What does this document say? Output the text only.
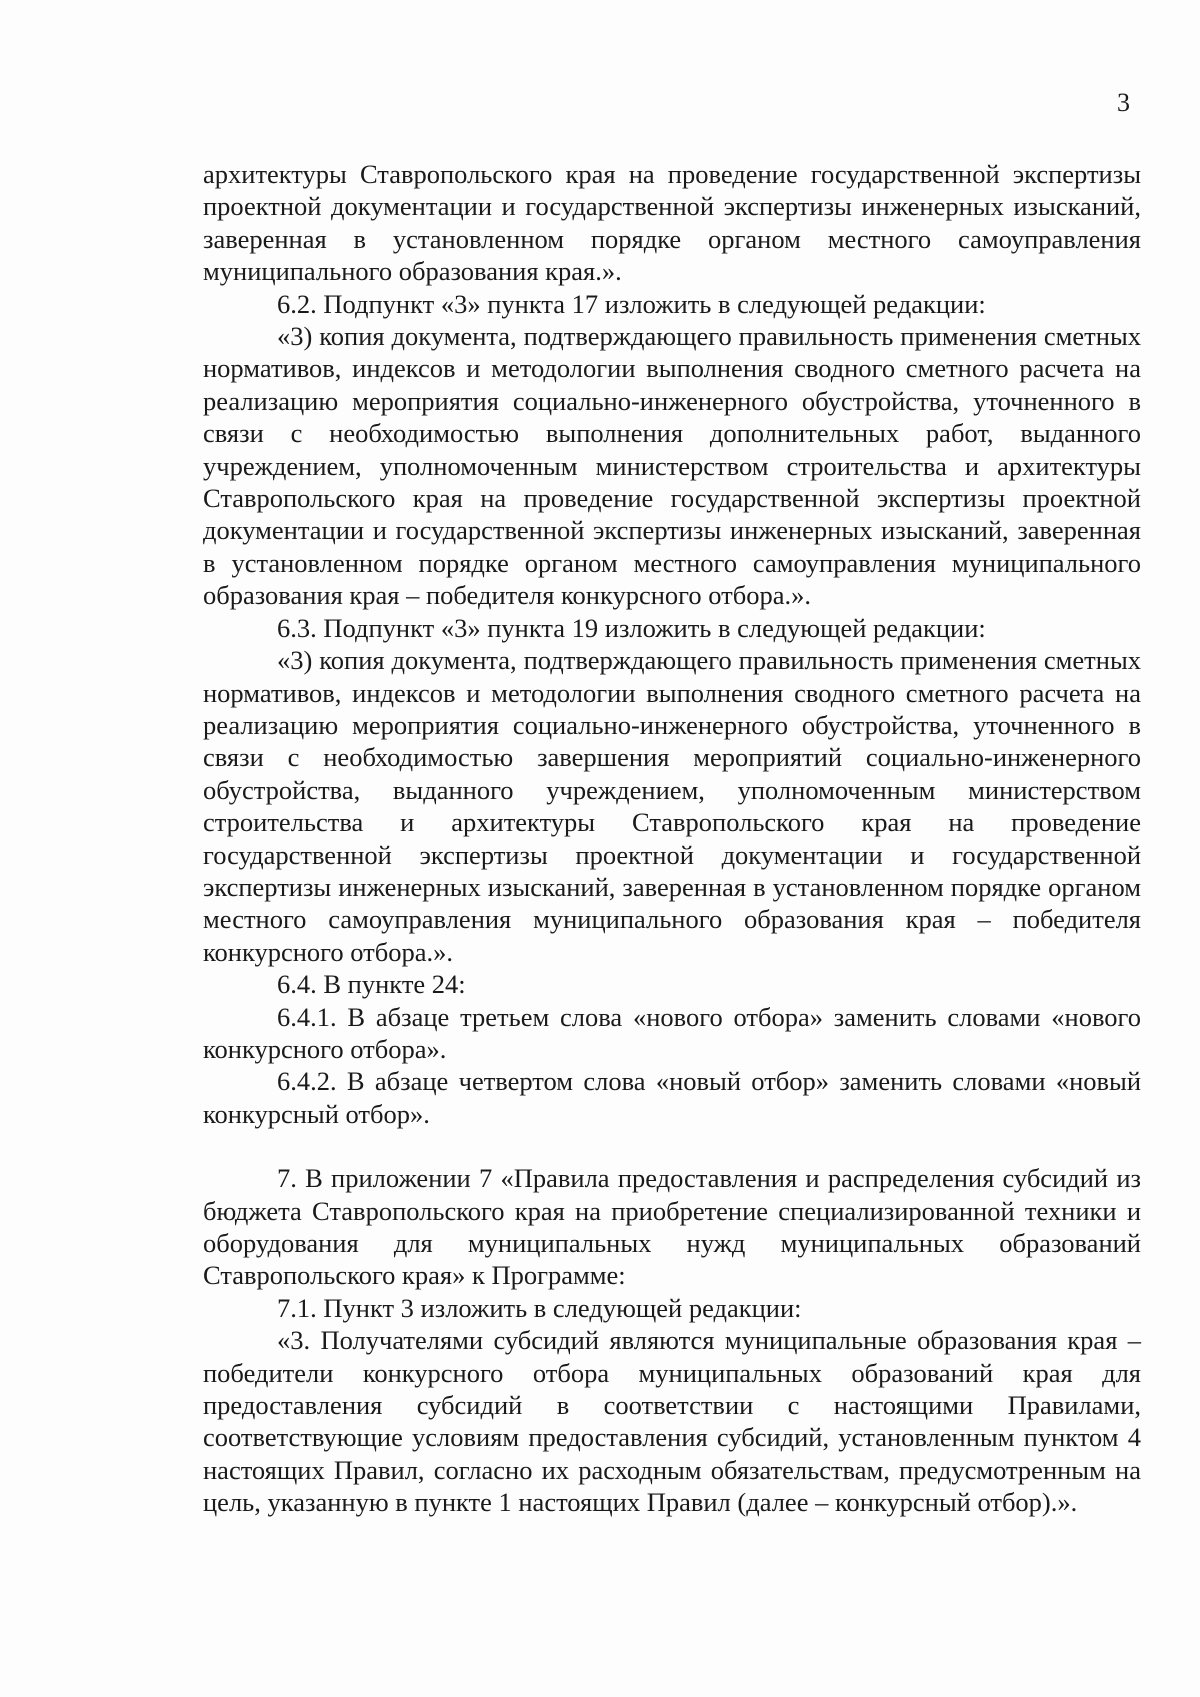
3

архитектуры Ставропольского края на проведение государственной экспертизы проектной документации и государственной экспертизы инженерных изысканий, заверенная в установленном порядке органом местного самоуправления муниципального образования края.».

6.2. Подпункт «3» пункта 17 изложить в следующей редакции:

«3) копия документа, подтверждающего правильность применения сметных нормативов, индексов и методологии выполнения сводного сметного расчета на реализацию мероприятия социально-инженерного обустройства, уточненного в связи с необходимостью выполнения дополнительных работ, выданного учреждением, уполномоченным министерством строительства и архитектуры Ставропольского края на проведение государственной экспертизы проектной документации и государственной экспертизы инженерных изысканий, заверенная в установленном порядке органом местного самоуправления муниципального образования края – победителя конкурсного отбора.».

6.3. Подпункт «3» пункта 19 изложить в следующей редакции:

«3) копия документа, подтверждающего правильность применения сметных нормативов, индексов и методологии выполнения сводного сметного расчета на реализацию мероприятия социально-инженерного обустройства, уточненного в связи с необходимостью завершения мероприятий социально-инженерного обустройства, выданного учреждением, уполномоченным министерством строительства и архитектуры Ставропольского края на проведение государственной экспертизы проектной документации и государственной экспертизы инженерных изысканий, заверенная в установленном порядке органом местного самоуправления муниципального образования края – победителя конкурсного отбора.».

6.4. В пункте 24:

6.4.1. В абзаце третьем слова «нового отбора» заменить словами «нового конкурсного отбора».

6.4.2. В абзаце четвертом слова «новый отбор» заменить словами «новый конкурсный отбор».

7. В приложении 7 «Правила предоставления и распределения субсидий из бюджета Ставропольского края на приобретение специализированной техники и оборудования для муниципальных нужд муниципальных образований Ставропольского края» к Программе:

7.1. Пункт 3 изложить в следующей редакции:

«3. Получателями субсидий являются муниципальные образования края – победители конкурсного отбора муниципальных образований края для предоставления субсидий в соответствии с настоящими Правилами, соответствующие условиям предоставления субсидий, установленным пунктом 4 настоящих Правил, согласно их расходным обязательствам, предусмотренным на цель, указанную в пункте 1 настоящих Правил (далее – конкурсный отбор).».
